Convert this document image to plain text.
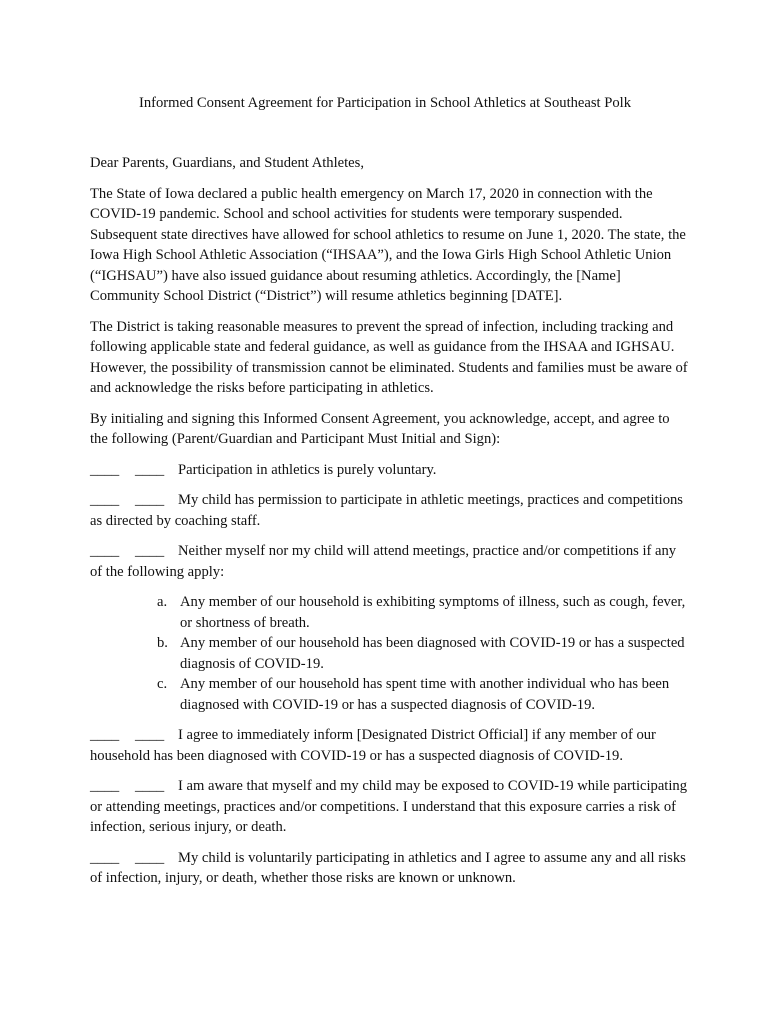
Informed Consent Agreement for Participation in School Athletics at Southeast Polk

Dear Parents, Guardians, and Student Athletes,

The State of Iowa declared a public health emergency on March 17, 2020 in connection with the COVID-19 pandemic. School and school activities for students were temporary suspended. Subsequent state directives have allowed for school athletics to resume on June 1, 2020. The state, the Iowa High School Athletic Association (“IHSAA”), and the Iowa Girls High School Athletic Union (“IGHSAU”) have also issued guidance about resuming athletics. Accordingly, the [Name] Community School District (“District”) will resume athletics beginning [DATE].

The District is taking reasonable measures to prevent the spread of infection, including tracking and following applicable state and federal guidance, as well as guidance from the IHSAA and IGHSAU. However, the possibility of transmission cannot be eliminated. Students and families must be aware of and acknowledge the risks before participating in athletics.

By initialing and signing this Informed Consent Agreement, you acknowledge, accept, and agree to the following (Parent/Guardian and Participant Must Initial and Sign):

____ ____ Participation in athletics is purely voluntary.

____ ____ My child has permission to participate in athletic meetings, practices and competitions as directed by coaching staff.

____ ____ Neither myself nor my child will attend meetings, practice and/or competitions if any of the following apply:

a. Any member of our household is exhibiting symptoms of illness, such as cough, fever, or shortness of breath.
b. Any member of our household has been diagnosed with COVID-19 or has a suspected diagnosis of COVID-19.
c. Any member of our household has spent time with another individual who has been diagnosed with COVID-19 or has a suspected diagnosis of COVID-19.

____ ____ I agree to immediately inform [Designated District Official] if any member of our household has been diagnosed with COVID-19 or has a suspected diagnosis of COVID-19.

____ ____ I am aware that myself and my child may be exposed to COVID-19 while participating or attending meetings, practices and/or competitions. I understand that this exposure carries a risk of infection, serious injury, or death.

____ ____ My child is voluntarily participating in athletics and I agree to assume any and all risks of infection, injury, or death, whether those risks are known or unknown.
